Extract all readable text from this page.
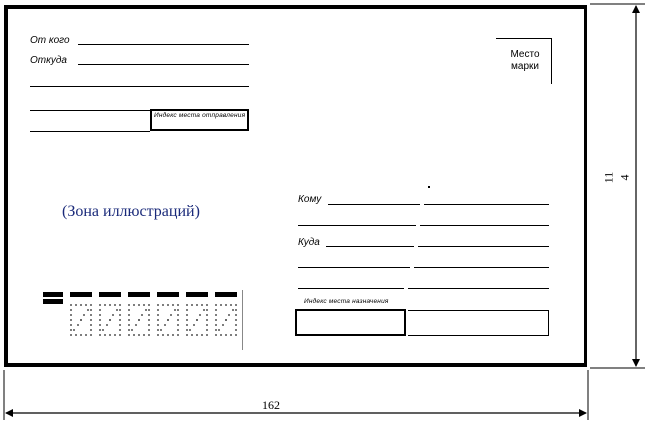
От кого
Откуда
Индекс места отправления
Место
марки
(Зона иллюстраций)
Кому
Куда
Индекс места назначения
162
11 4
